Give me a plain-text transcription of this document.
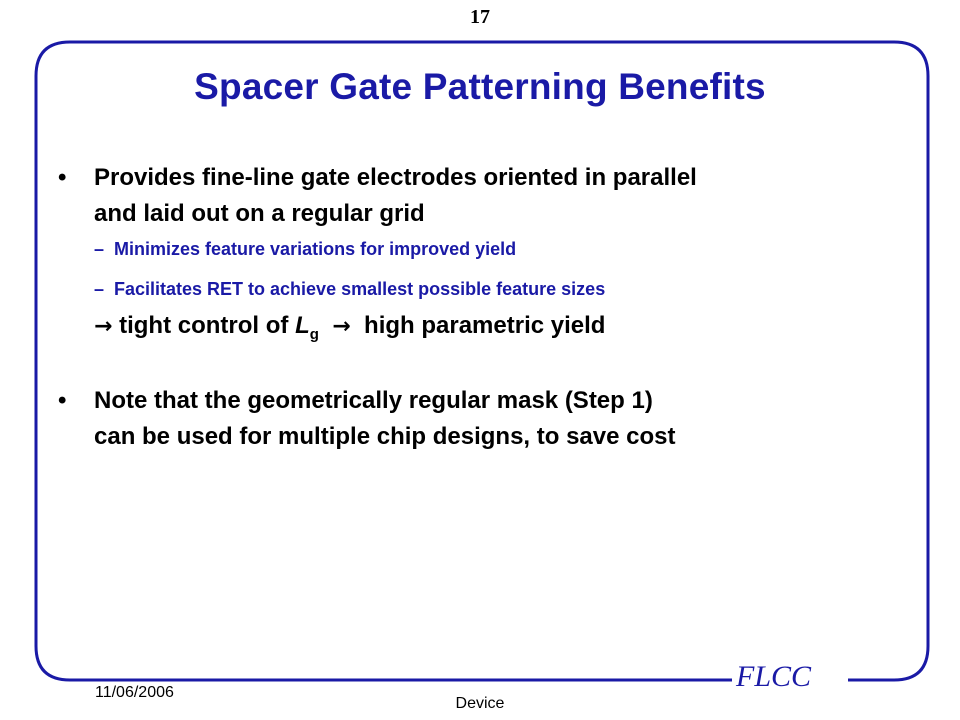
17
Spacer Gate Patterning Benefits
• Provides fine-line gate electrodes oriented in parallel
and laid out on a regular grid
– Minimizes feature variations for improved yield
– Facilitates RET to achieve smallest possible feature sizes
→ tight control of $L_g$ → high parametric yield
• Note that the geometrically regular mask (Step 1)
can be used for multiple chip designs, to save cost
FLCC
11/06/2006
Device
